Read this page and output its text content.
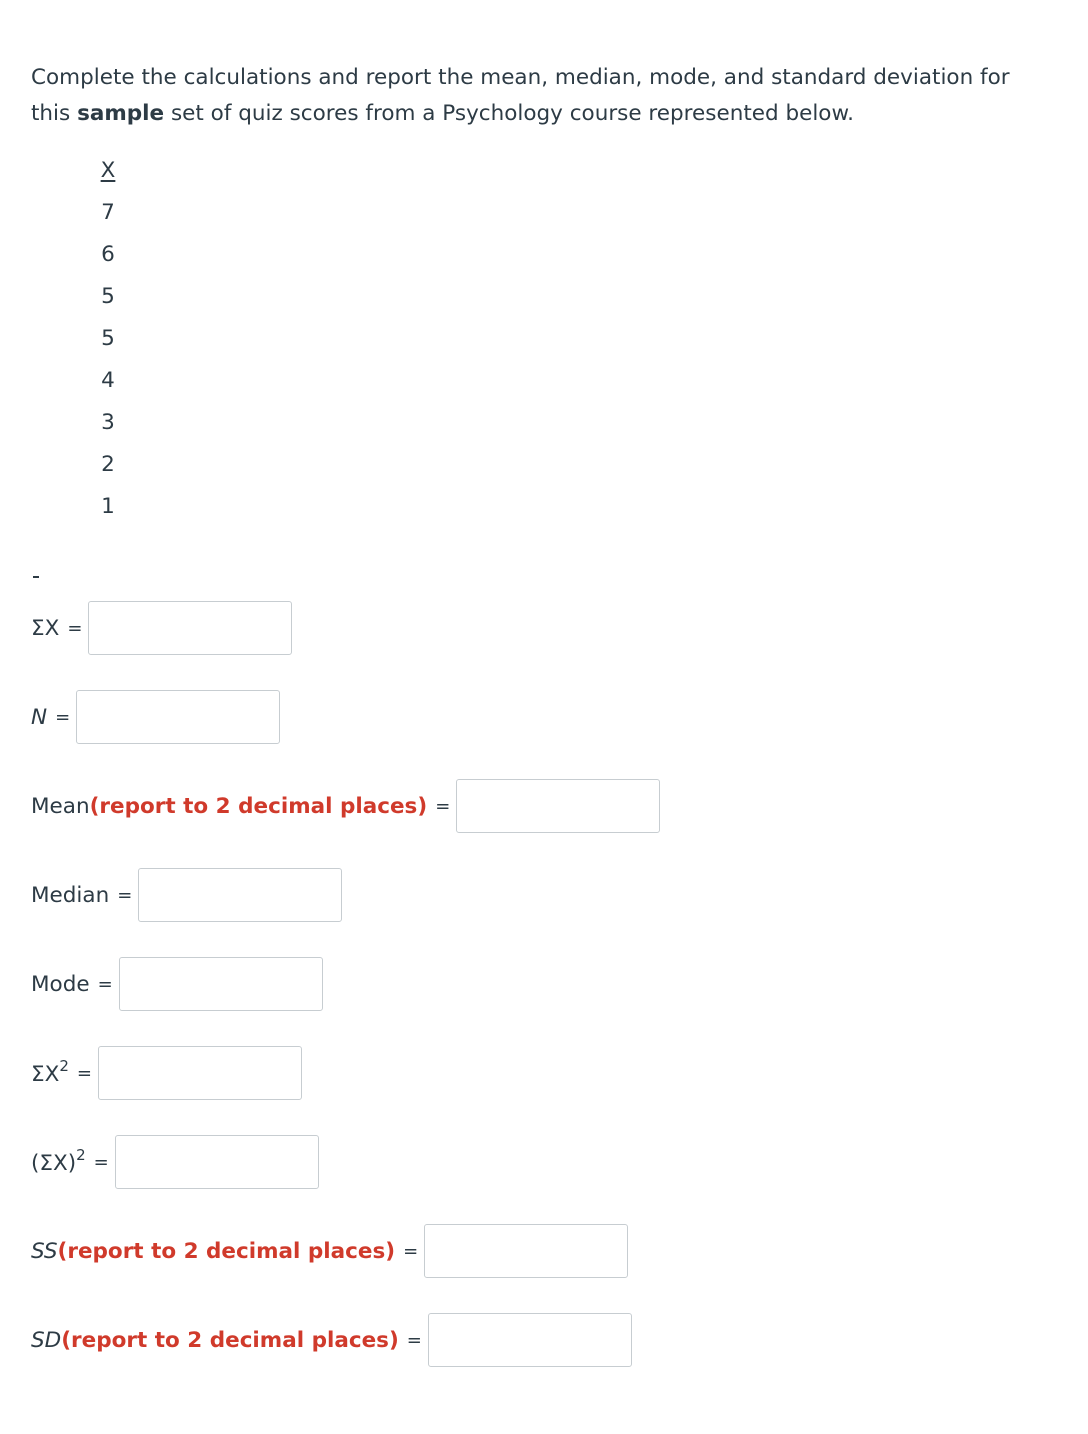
Complete the calculations and report the mean, median, mode, and standard deviation for this sample set of quiz scores from a Psychology course represented below.

X
7
6
5
5
4
3
2
1
ΣX =
N =
Mean (report to 2 decimal places) =
Median =
Mode =
$\Sigma X^2$ =
$(\Sigma X)^2$ =
SS (report to 2 decimal places) =
SD (report to 2 decimal places) =
